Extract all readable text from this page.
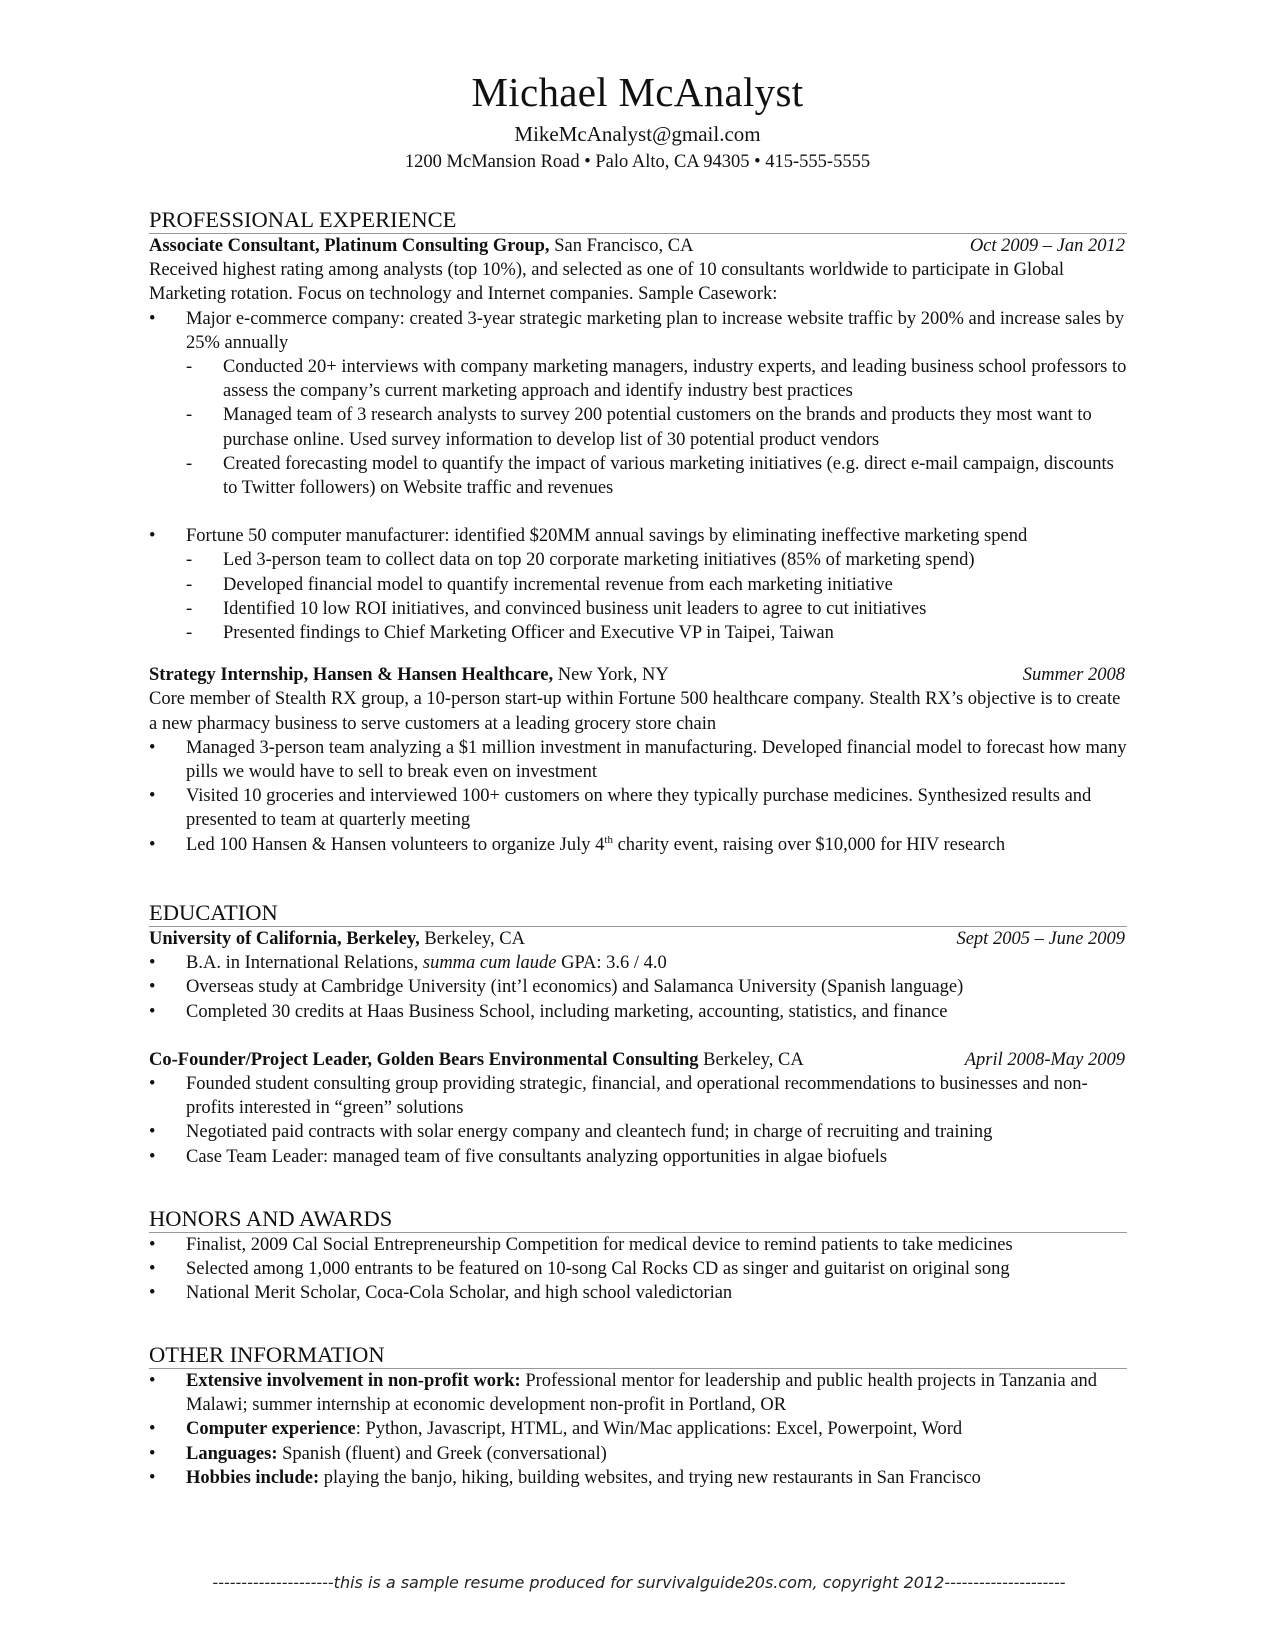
Michael McAnalyst
MikeMcAnalyst@gmail.com
1200 McMansion Road • Palo Alto, CA 94305 • 415-555-5555
PROFESSIONAL EXPERIENCE
Associate Consultant, Platinum Consulting Group, San Francisco, CA	Oct 2009 – Jan 2012
Received highest rating among analysts (top 10%), and selected as one of 10 consultants worldwide to participate in Global Marketing rotation. Focus on technology and Internet companies. Sample Casework:
• Major e-commerce company: created 3-year strategic marketing plan to increase website traffic by 200% and increase sales by 25% annually
- Conducted 20+ interviews with company marketing managers, industry experts, and leading business school professors to assess the company’s current marketing approach and identify industry best practices
- Managed team of 3 research analysts to survey 200 potential customers on the brands and products they most want to purchase online. Used survey information to develop list of 30 potential product vendors
- Created forecasting model to quantify the impact of various marketing initiatives (e.g. direct e-mail campaign, discounts to Twitter followers) on Website traffic and revenues
• Fortune 50 computer manufacturer: identified $20MM annual savings by eliminating ineffective marketing spend
- Led 3-person team to collect data on top 20 corporate marketing initiatives (85% of marketing spend)
- Developed financial model to quantify incremental revenue from each marketing initiative
- Identified 10 low ROI initiatives, and convinced business unit leaders to agree to cut initiatives
- Presented findings to Chief Marketing Officer and Executive VP in Taipei, Taiwan
Strategy Internship, Hansen & Hansen Healthcare, New York, NY	Summer 2008
Core member of Stealth RX group, a 10-person start-up within Fortune 500 healthcare company. Stealth RX’s objective is to create a new pharmacy business to serve customers at a leading grocery store chain
• Managed 3-person team analyzing a $1 million investment in manufacturing. Developed financial model to forecast how many pills we would have to sell to break even on investment
• Visited 10 groceries and interviewed 100+ customers on where they typically purchase medicines. Synthesized results and presented to team at quarterly meeting
• Led 100 Hansen & Hansen volunteers to organize July 4th charity event, raising over $10,000 for HIV research
EDUCATION
University of California, Berkeley, Berkeley, CA	Sept 2005 – June 2009
• B.A. in International Relations, summa cum laude GPA: 3.6 / 4.0
• Overseas study at Cambridge University (int’l economics) and Salamanca University (Spanish language)
• Completed 30 credits at Haas Business School, including marketing, accounting, statistics, and finance
Co-Founder/Project Leader, Golden Bears Environmental Consulting Berkeley, CA	April 2008-May 2009
• Founded student consulting group providing strategic, financial, and operational recommendations to businesses and non-profits interested in “green” solutions
• Negotiated paid contracts with solar energy company and cleantech fund; in charge of recruiting and training
• Case Team Leader: managed team of five consultants analyzing opportunities in algae biofuels
HONORS AND AWARDS
• Finalist, 2009 Cal Social Entrepreneurship Competition for medical device to remind patients to take medicines
• Selected among 1,000 entrants to be featured on 10-song Cal Rocks CD as singer and guitarist on original song
• National Merit Scholar, Coca-Cola Scholar, and high school valedictorian
OTHER INFORMATION
• Extensive involvement in non-profit work: Professional mentor for leadership and public health projects in Tanzania and Malawi; summer internship at economic development non-profit in Portland, OR
• Computer experience: Python, Javascript, HTML, and Win/Mac applications: Excel, Powerpoint, Word
• Languages: Spanish (fluent) and Greek (conversational)
• Hobbies include: playing the banjo, hiking, building websites, and trying new restaurants in San Francisco
---------------------this is a sample resume produced for survivalguide20s.com, copyright 2012---------------------
